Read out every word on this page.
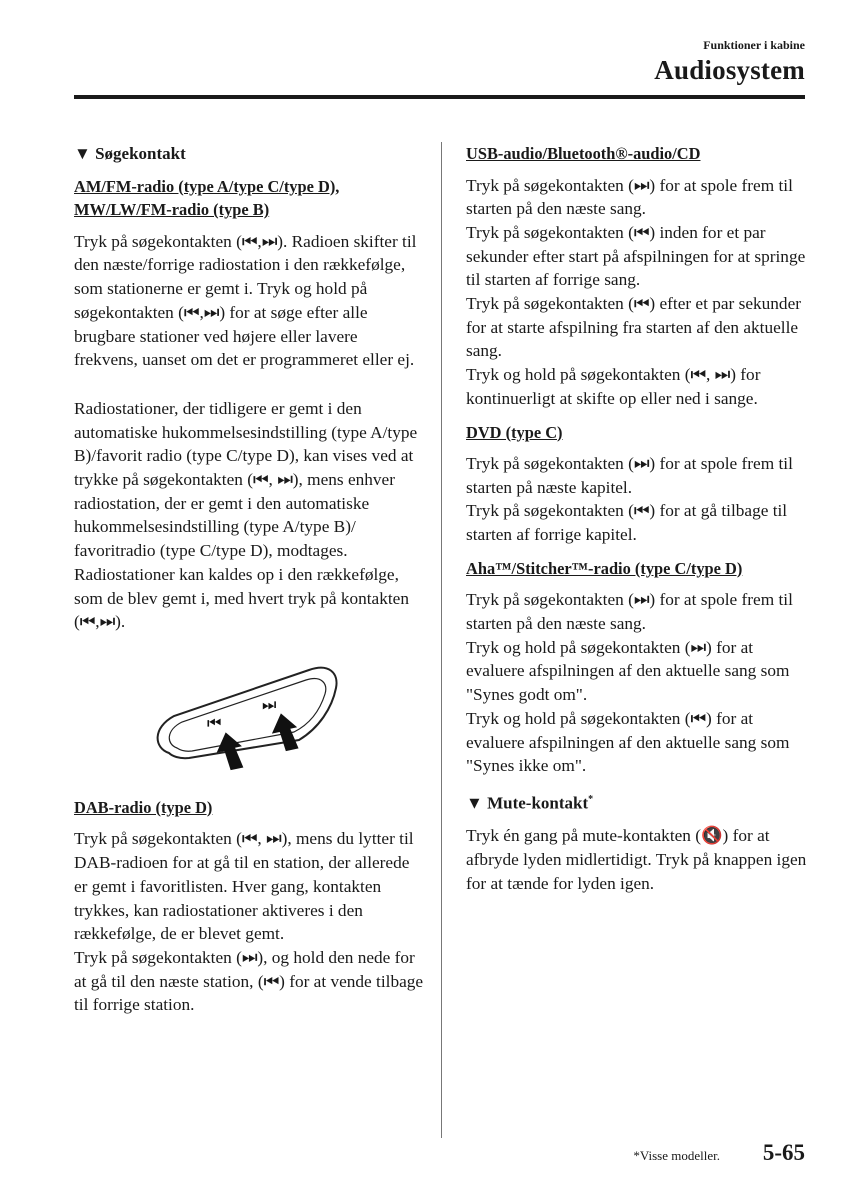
Funktioner i kabine
Audiosystem
▼ Søgekontakt
AM/FM-radio (type A/type C/type D),
MW/LW/FM-radio (type B)

Tryk på søgekontakten (⏮,⏭). Radioen skifter til den næste/forrige radiostation i den rækkefølge, som stationerne er gemt i. Tryk og hold på søgekontakten (⏮,⏭) for at søge efter alle brugbare stationer ved højere eller lavere frekvens, uanset om det er programmeret eller ej.

Radiostationer, der tidligere er gemt i den automatiske hukommelsesindstilling (type A/type B)/favorit radio (type C/type D), kan vises ved at trykke på søgekontakten (⏮, ⏭), mens enhver radiostation, der er gemt i den automatiske hukommelsesindstilling (type A/type B)/ favoritradio (type C/type D), modtages. Radiostationer kan kaldes op i den rækkefølge, som de blev gemt i, med hvert tryk på kontakten (⏮,⏭).

⏮
⏭
DAB-radio (type D)

Tryk på søgekontakten (⏮, ⏭), mens du lytter til DAB-radioen for at gå til en station, der allerede er gemt i favoritlisten. Hver gang, kontakten trykkes, kan radiostationer aktiveres i den rækkefølge, de er blevet gemt.

Tryk på søgekontakten (⏭), og hold den nede for at gå til den næste station, (⏮) for at vende tilbage til forrige station.

USB-audio/Bluetooth®-audio/CD

Tryk på søgekontakten (⏭) for at spole frem til starten på den næste sang.

Tryk på søgekontakten (⏮) inden for et par sekunder efter start på afspilningen for at springe til starten af forrige sang.

Tryk på søgekontakten (⏮) efter et par sekunder for at starte afspilning fra starten af den aktuelle sang.

Tryk og hold på søgekontakten (⏮, ⏭) for kontinuerligt at skifte op eller ned i sange.

DVD (type C)

Tryk på søgekontakten (⏭) for at spole frem til starten på næste kapitel.

Tryk på søgekontakten (⏮) for at gå tilbage til starten af forrige kapitel.

Aha™/Stitcher™-radio (type C/type D)

Tryk på søgekontakten (⏭) for at spole frem til starten på den næste sang.

Tryk og hold på søgekontakten (⏭) for at evaluere afspilningen af den aktuelle sang som "Synes godt om".

Tryk og hold på søgekontakten (⏮) for at evaluere afspilningen af den aktuelle sang som "Synes ikke om".

▼ Mute-kontakt*

Tryk én gang på mute-kontakten (🔇) for at afbryde lyden midlertidigt. Tryk på knappen igen for at tænde for lyden igen.

*Visse modeller. 5-65
